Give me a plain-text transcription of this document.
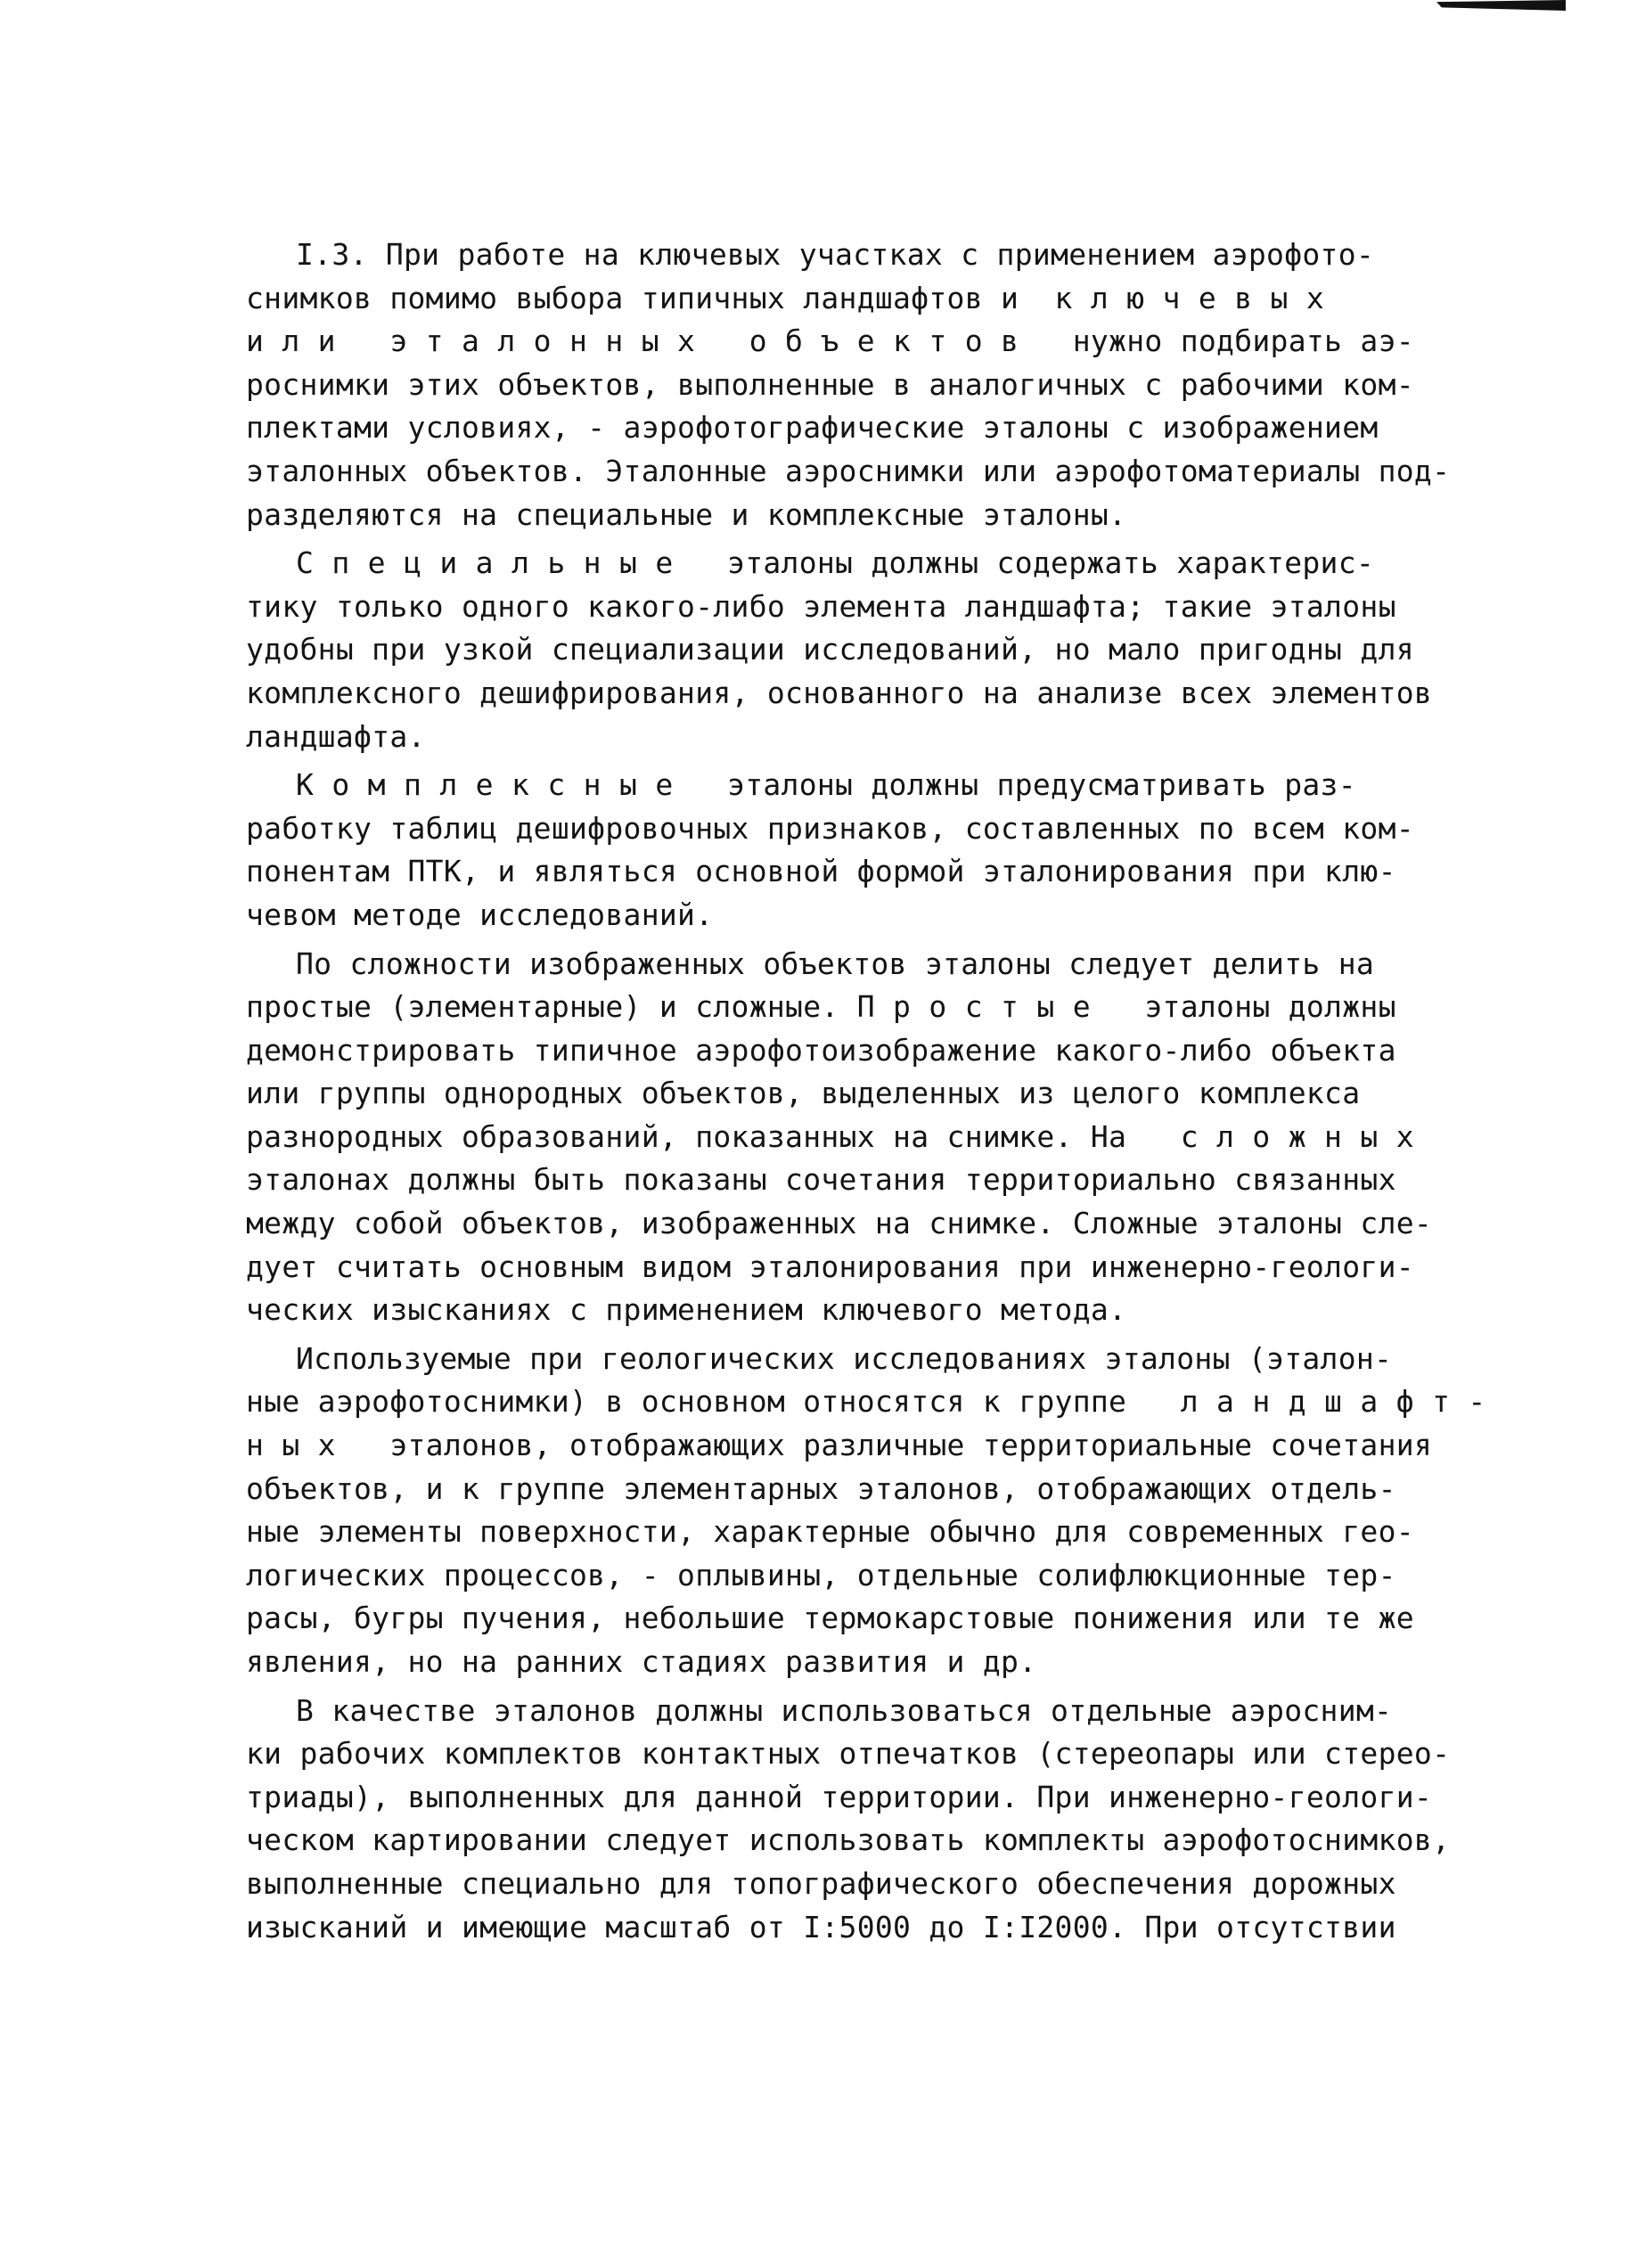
I.3. При работе на ключевых участках с применением аэрофото-
снимков помимо выбора типичных ландшафтов и  к л ю ч е в ы х
и л и   э т а л о н н ы х   о б ъ е к т о в   нужно подбирать аэ-
роснимки этих объектов, выполненные в аналогичных с рабочими ком-
плектами условиях, - аэрофотографические эталоны с изображением
эталонных объектов. Эталонные аэроснимки или аэрофотоматериалы под-
разделяются на специальные и комплексные эталоны.
С п е ц и а л ь н ы е   эталоны должны содержать характерис-
тику только одного какого-либо элемента ландшафта; такие эталоны
удобны при узкой специализации исследований, но мало пригодны для
комплексного дешифрирования, основанного на анализе всех элементов
ландшафта.
К о м п л е к с н ы е   эталоны должны предусматривать раз-
работку таблиц дешифровочных признаков, составленных по всем ком-
понентам ПТК, и являться основной формой эталонирования при клю-
чевом методе исследований.
По сложности изображенных объектов эталоны следует делить на
простые (элементарные) и сложные. П р о с т ы е   эталоны должны
демонстрировать типичное аэрофотоизображение какого-либо объекта
или группы однородных объектов, выделенных из целого комплекса
разнородных образований, показанных на снимке. На   с л о ж н ы х
эталонах должны быть показаны сочетания территориально связанных
между собой объектов, изображенных на снимке. Сложные эталоны сле-
дует считать основным видом эталонирования при инженерно-геологи-
ческих изысканиях с применением ключевого метода.
Используемые при геологических исследованиях эталоны (эталон-
ные аэрофотоснимки) в основном относятся к группе   л а н д ш а ф т -
н ы х   эталонов, отображающих различные территориальные сочетания
объектов, и к группе элементарных эталонов, отображающих отдель-
ные элементы поверхности, характерные обычно для современных гео-
логических процессов, - оплывины, отдельные солифлюкционные тер-
расы, бугры пучения, небольшие термокарстовые понижения или те же
явления, но на ранних стадиях развития и др.
В качестве эталонов должны использоваться отдельные аэросним-
ки рабочих комплектов контактных отпечатков (стереопары или стерео-
триады), выполненных для данной территории. При инженерно-геологи-
ческом картировании следует использовать комплекты аэрофотоснимков,
выполненные специально для топографического обеспечения дорожных
изысканий и имеющие масштаб от I:5000 до I:I2000. При отсутствии
